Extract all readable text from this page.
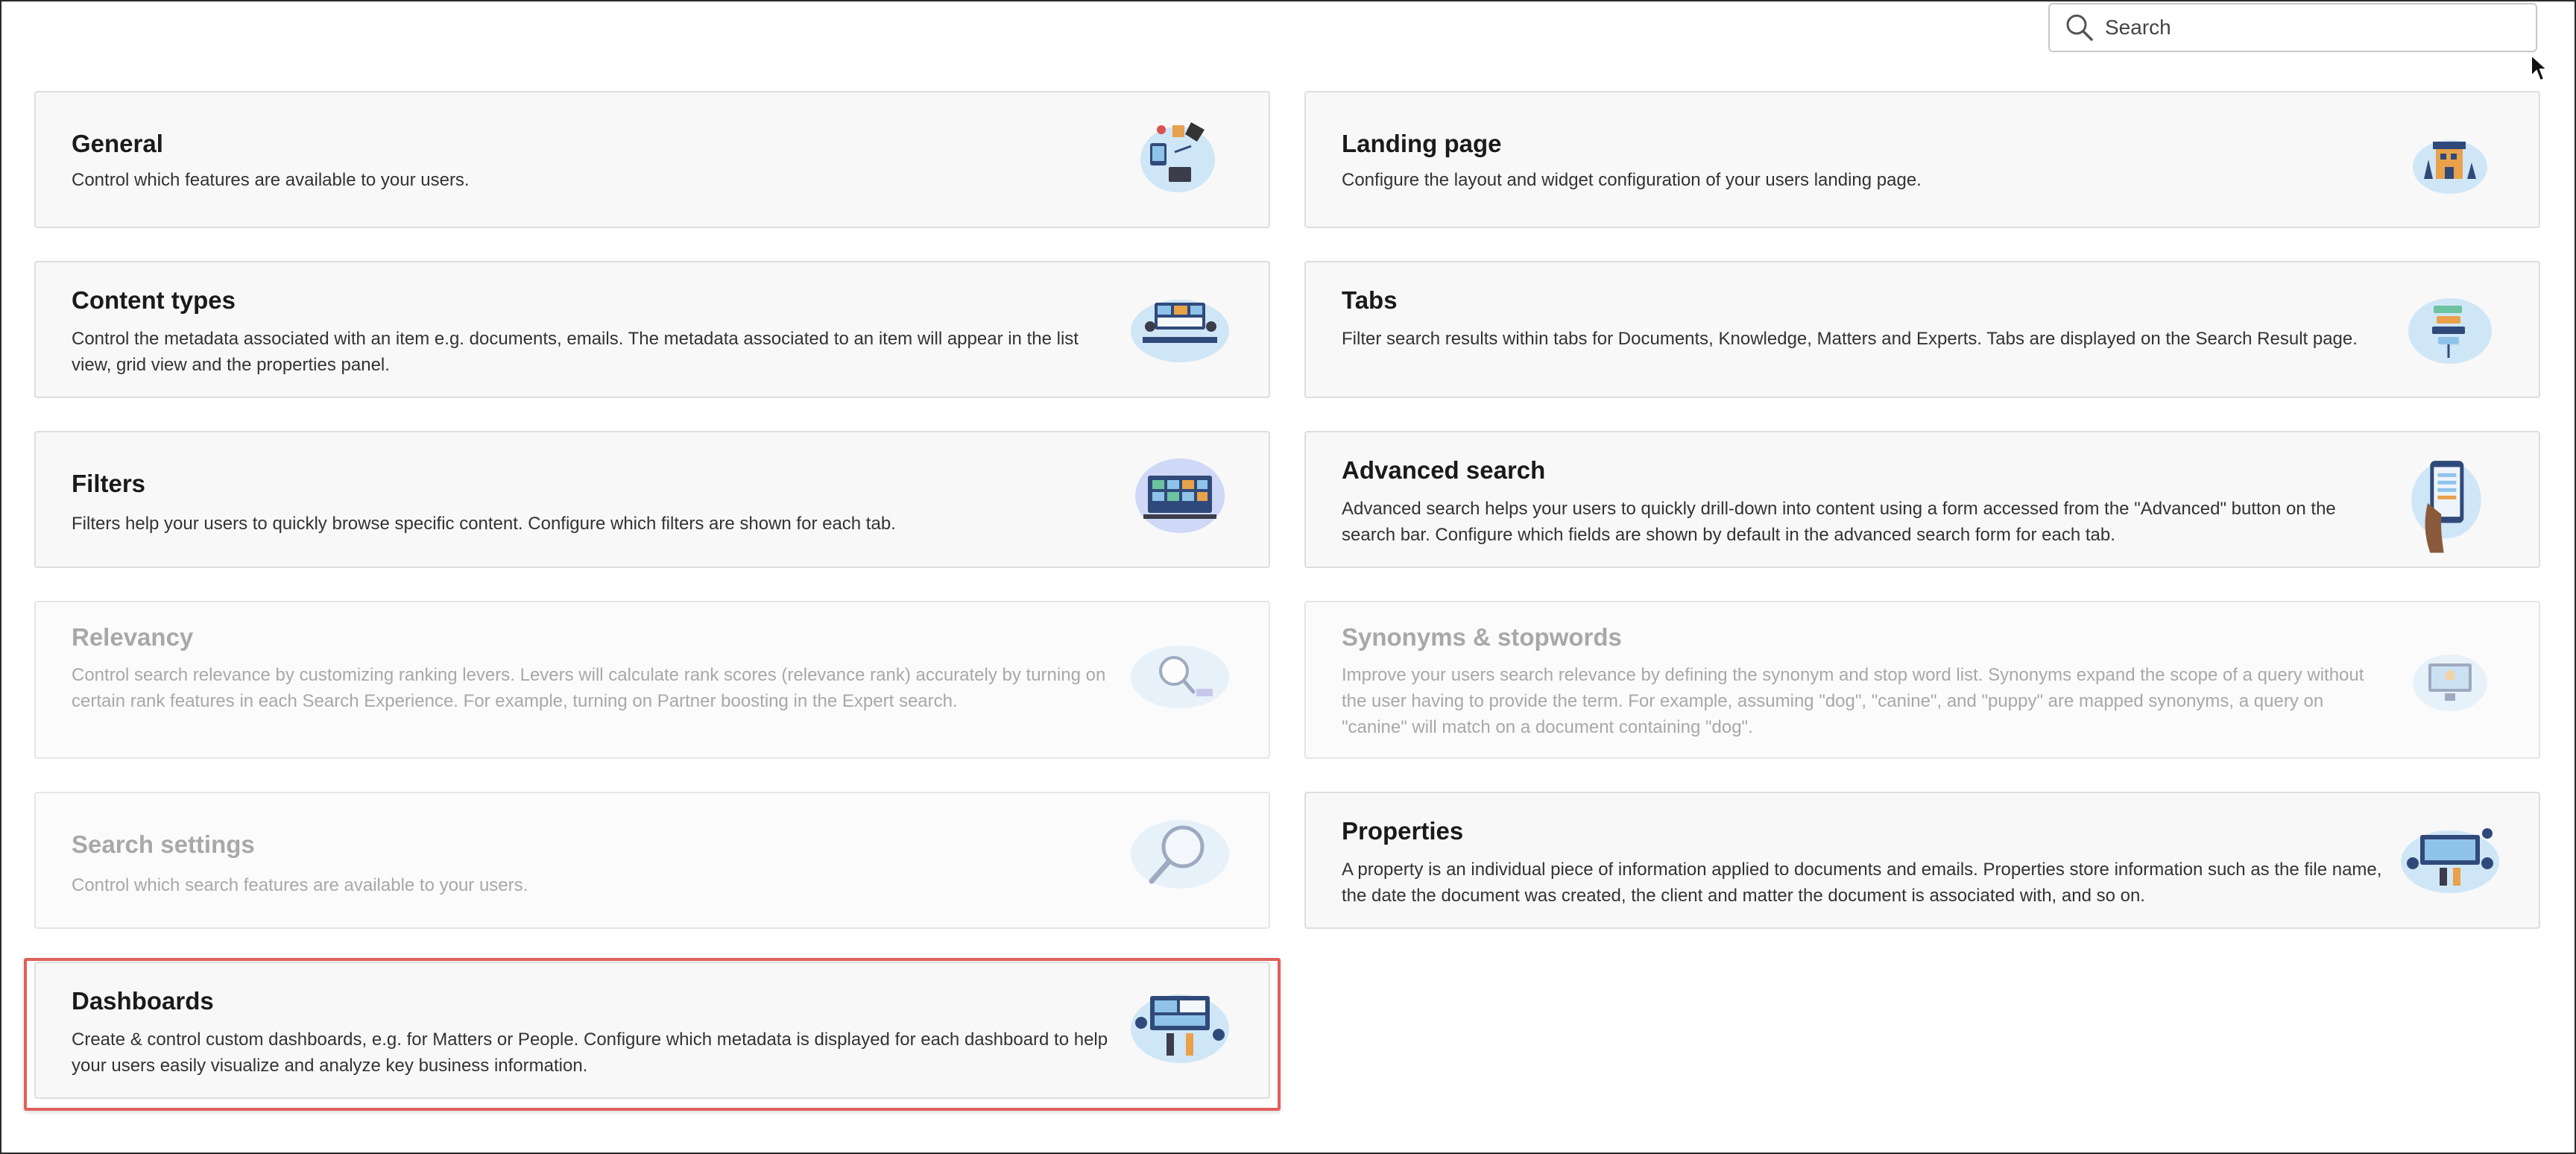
Search
General
Control which features are available to your users.
Landing page
Configure the layout and widget configuration of your users landing page.
Content types
Control the metadata associated with an item e.g. documents, emails. The metadata associated to an item will appear in the list view, grid view and the properties panel.
Tabs
Filter search results within tabs for Documents, Knowledge, Matters and Experts. Tabs are displayed on the Search Result page.
Filters
Filters help your users to quickly browse specific content. Configure which filters are shown for each tab.
Advanced search
Advanced search helps your users to quickly drill-down into content using a form accessed from the "Advanced" button on the search bar. Configure which fields are shown by default in the advanced search form for each tab.
Relevancy
Control search relevance by customizing ranking levers. Levers will calculate rank scores (relevance rank) accurately by turning on certain rank features in each Search Experience. For example, turning on Partner boosting in the Expert search.
Synonyms & stopwords
Improve your users search relevance by defining the synonym and stop word list. Synonyms expand the scope of a query without the user having to provide the term. For example, assuming "dog", "canine", and "puppy" are mapped synonyms, a query on "canine" will match on a document containing "dog".
Search settings
Control which search features are available to your users.
Properties
A property is an individual piece of information applied to documents and emails. Properties store information such as the file name, the date the document was created, the client and matter the document is associated with, and so on.
Dashboards
Create & control custom dashboards, e.g. for Matters or People. Configure which metadata is displayed for each dashboard to help your users easily visualize and analyze key business information.
